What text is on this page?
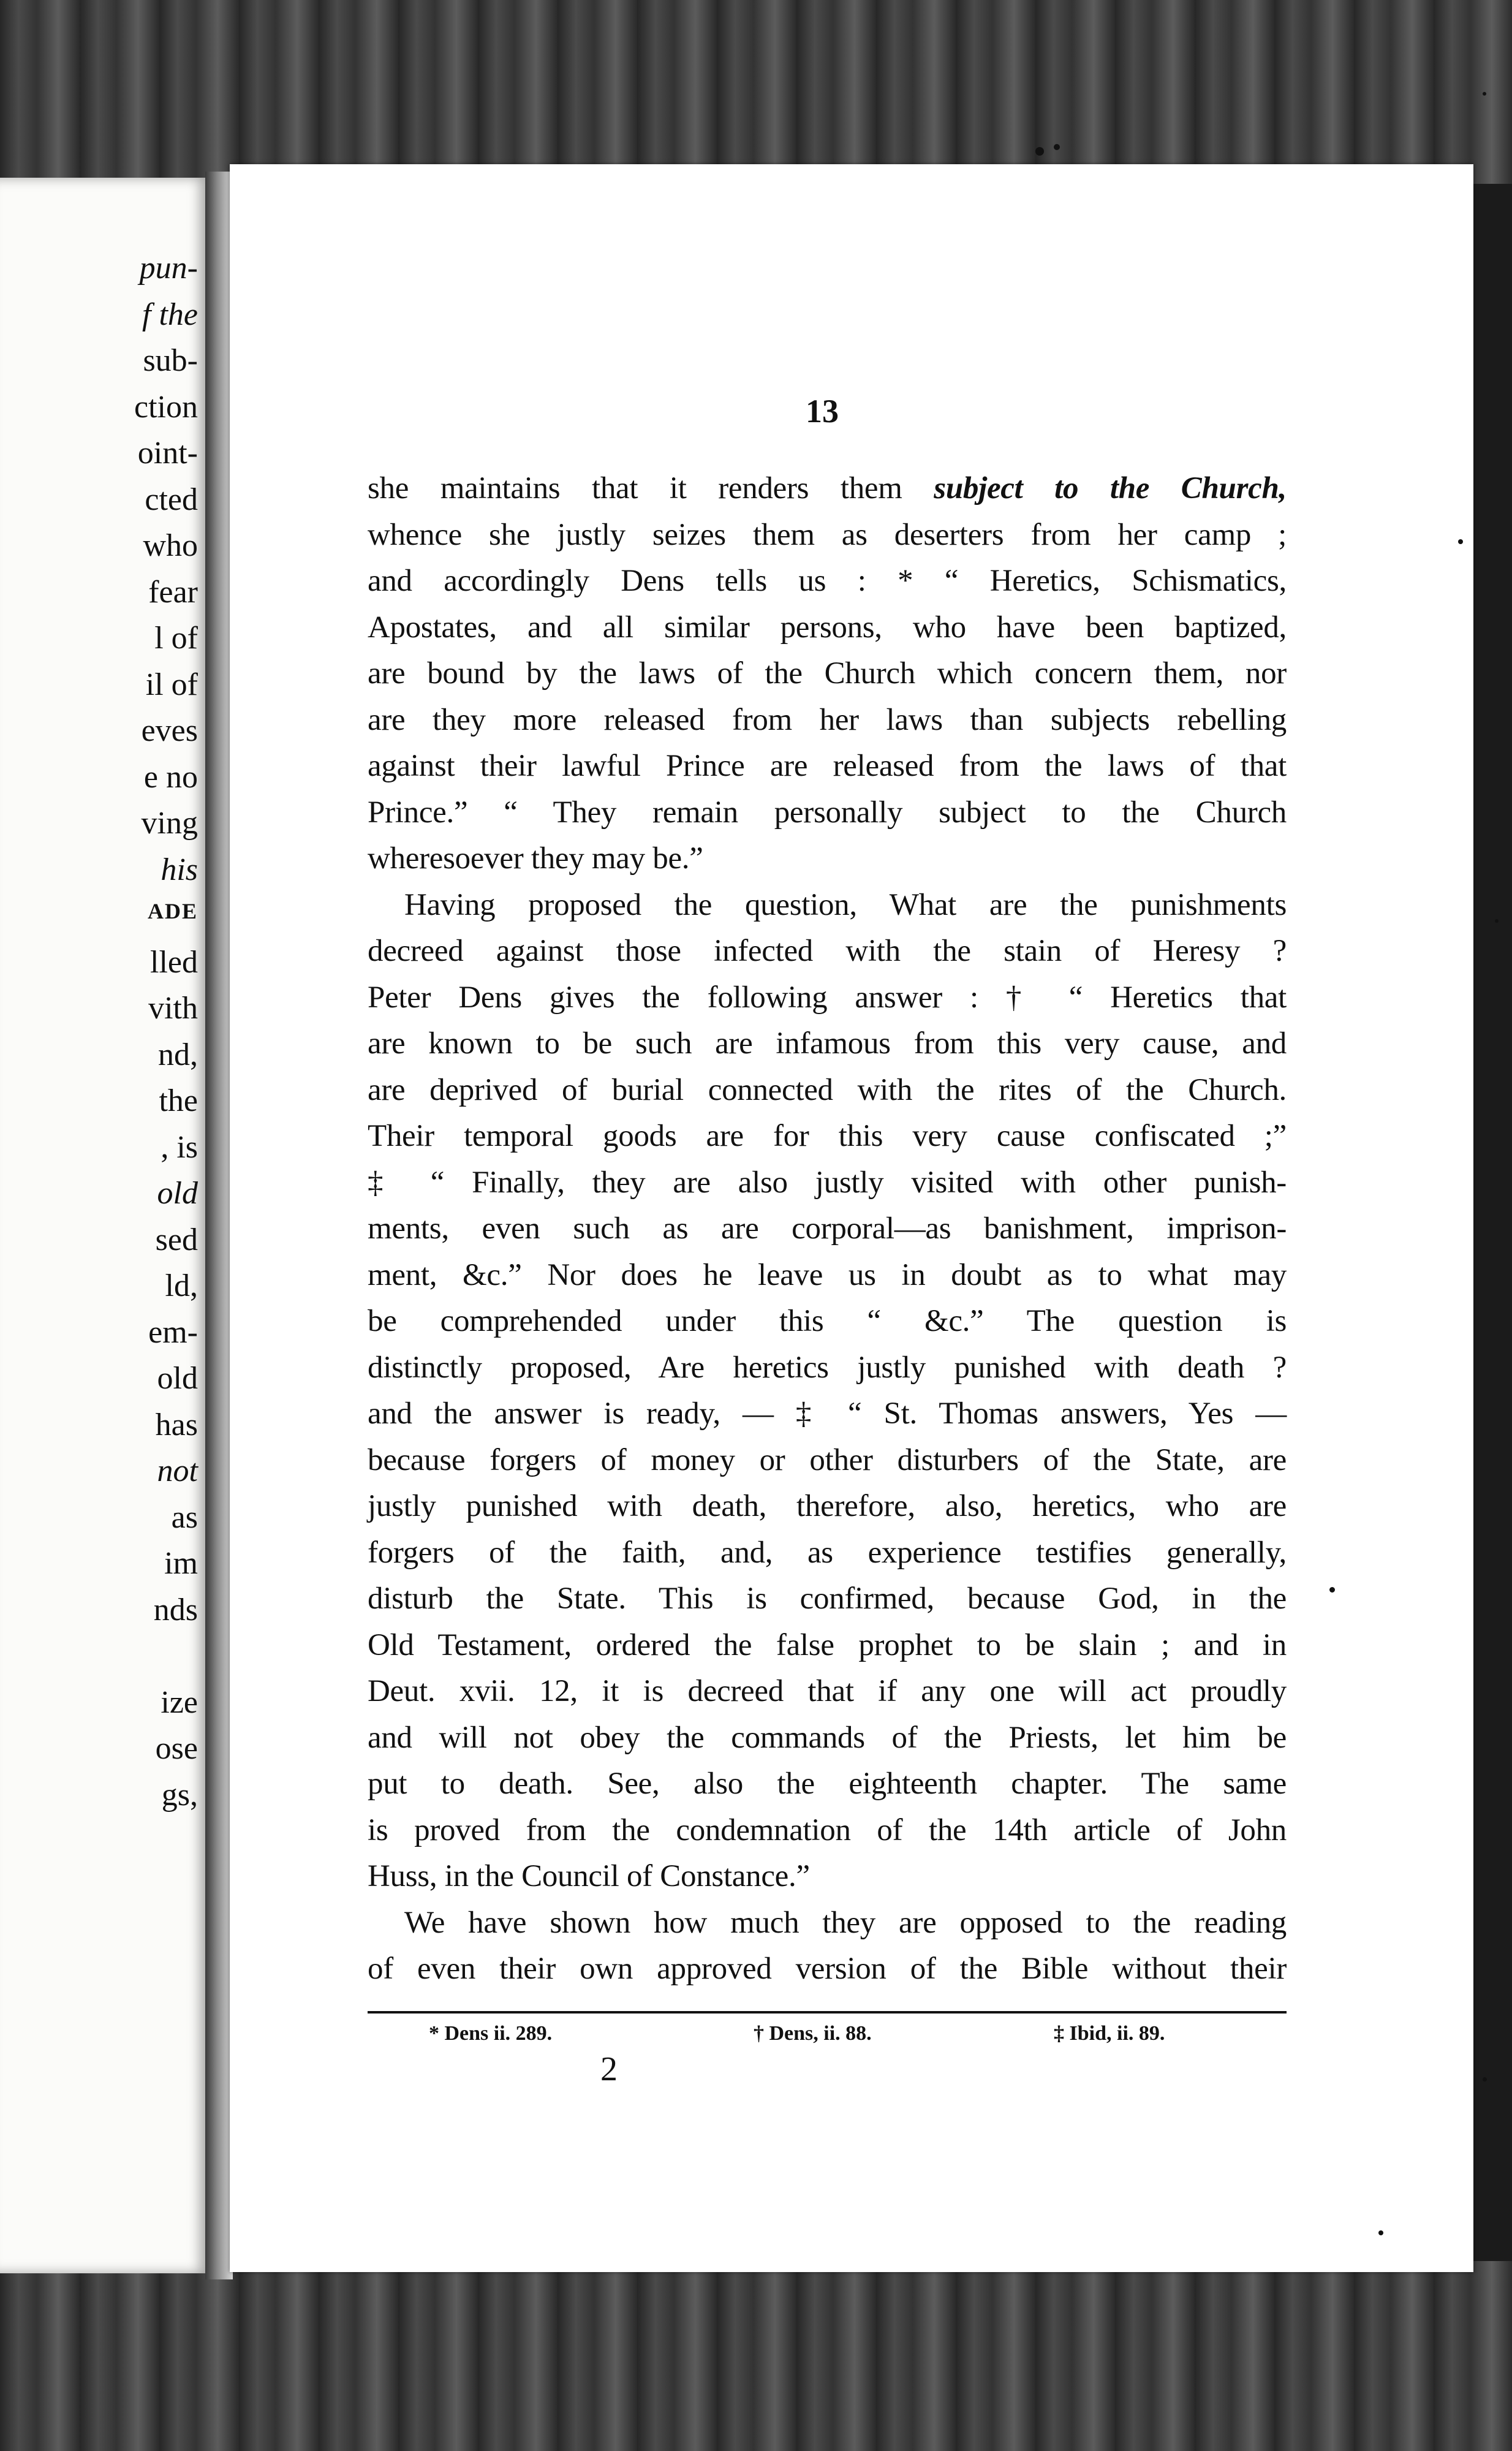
pun-
f the
sub-
ction
oint-
cted
who
fear
l of
il of
eves
e no
ving
his
ADE
lled
vith
nd,
the
, is
old
sed
ld,
em-
old
has
not
as
im
nds
ize
ose
gs,
13
she maintains that it renders them subject to the Church,
whence she justly seizes them as deserters from her camp ;
and accordingly Dens tells us : * “ Heretics, Schismatics,
Apostates, and all similar persons, who have been baptized,
are bound by the laws of the Church which concern them, nor
are they more released from her laws than subjects rebelling
against their lawful Prince are released from the laws of that
Prince.” “ They remain personally subject to the Church
wheresoever they may be.”
Having proposed the question, What are the punishments
decreed against those infected with the stain of Heresy ?
Peter Dens gives the following answer : † “ Heretics that
are known to be such are infamous from this very cause, and
are deprived of burial connected with the rites of the Church.
Their temporal goods are for this very cause confiscated ;”
‡ “ Finally, they are also justly visited with other punish-
ments, even such as are corporal—as banishment, imprison-
ment, &c.” Nor does he leave us in doubt as to what may
be comprehended under this “ &c.” The question is
distinctly proposed, Are heretics justly punished with death ?
and the answer is ready, — ‡ “ St. Thomas answers, Yes —
because forgers of money or other disturbers of the State, are
justly punished with death, therefore, also, heretics, who are
forgers of the faith, and, as experience testifies generally,
disturb the State. This is confirmed, because God, in the
Old Testament, ordered the false prophet to be slain ; and in
Deut. xvii. 12, it is decreed that if any one will act proudly
and will not obey the commands of the Priests, let him be
put to death. See, also the eighteenth chapter. The same
is proved from the condemnation of the 14th article of John
Huss, in the Council of Constance.”
We have shown how much they are opposed to the reading
of even their own approved version of the Bible without their
* Dens ii. 289.	† Dens, ii. 88.	‡ Ibid, ii. 89.
2
